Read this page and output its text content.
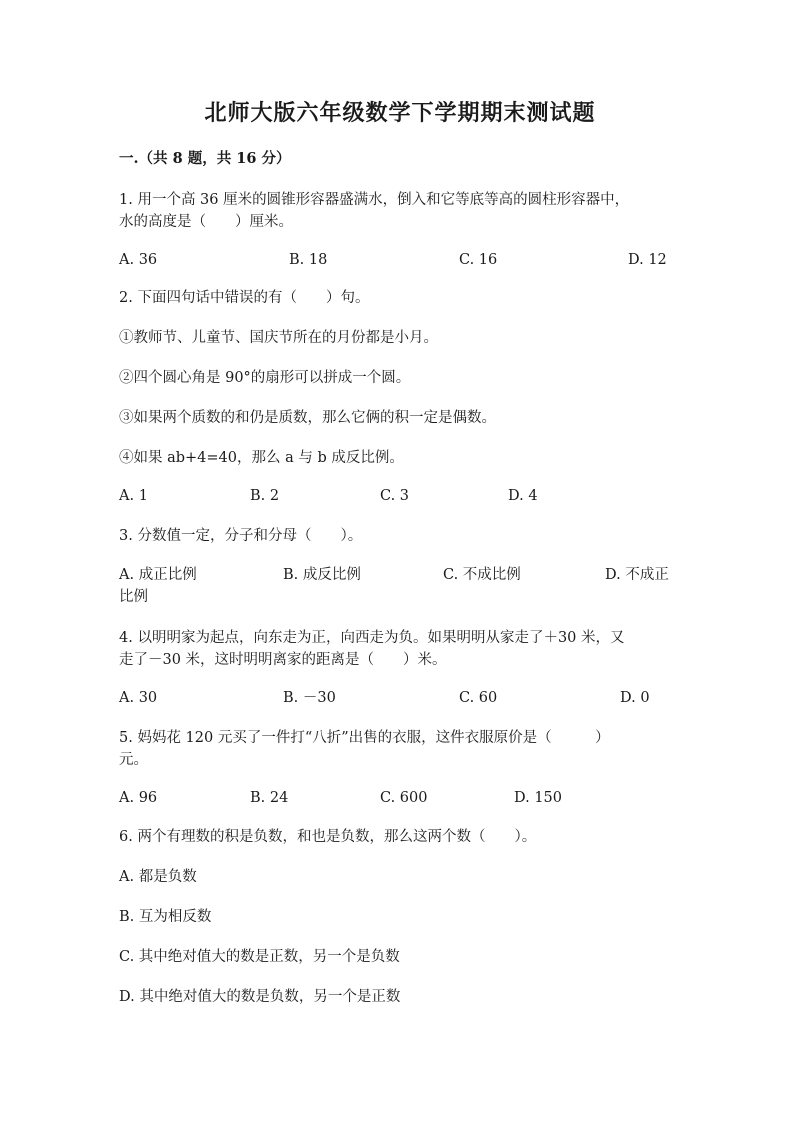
北师大版六年级数学下学期期末测试题
一.（共 8 题，共 16 分）
1. 用一个高 36 厘米的圆锥形容器盛满水，倒入和它等底等高的圆柱形容器中，
水的高度是（　　）厘米。
A. 36	B. 18	C. 16	D. 12
2. 下面四句话中错误的有（　　）句。
①教师节、儿童节、国庆节所在的月份都是小月。
②四个圆心角是 90°的扇形可以拼成一个圆。
③如果两个质数的和仍是质数，那么它俩的积一定是偶数。
④如果 ab+4=40，那么 a 与 b 成反比例。
A. 1	B. 2	C. 3	D. 4
3. 分数值一定，分子和分母（　　）。
A. 成正比例	B. 成反比例	C. 不成比例	D. 不成正
比例
4. 以明明家为起点，向东走为正，向西走为负。如果明明从家走了＋30 米，又
走了－30 米，这时明明离家的距离是（　　）米。
A. 30	B. －30	C. 60	D. 0
5. 妈妈花 120 元买了一件打“八折”出售的衣服，这件衣服原价是（　　　）
元。
A. 96	B. 24	C. 600	D. 150
6. 两个有理数的积是负数，和也是负数，那么这两个数（　　）。
A. 都是负数
B. 互为相反数
C. 其中绝对值大的数是正数，另一个是负数
D. 其中绝对值大的数是负数，另一个是正数
